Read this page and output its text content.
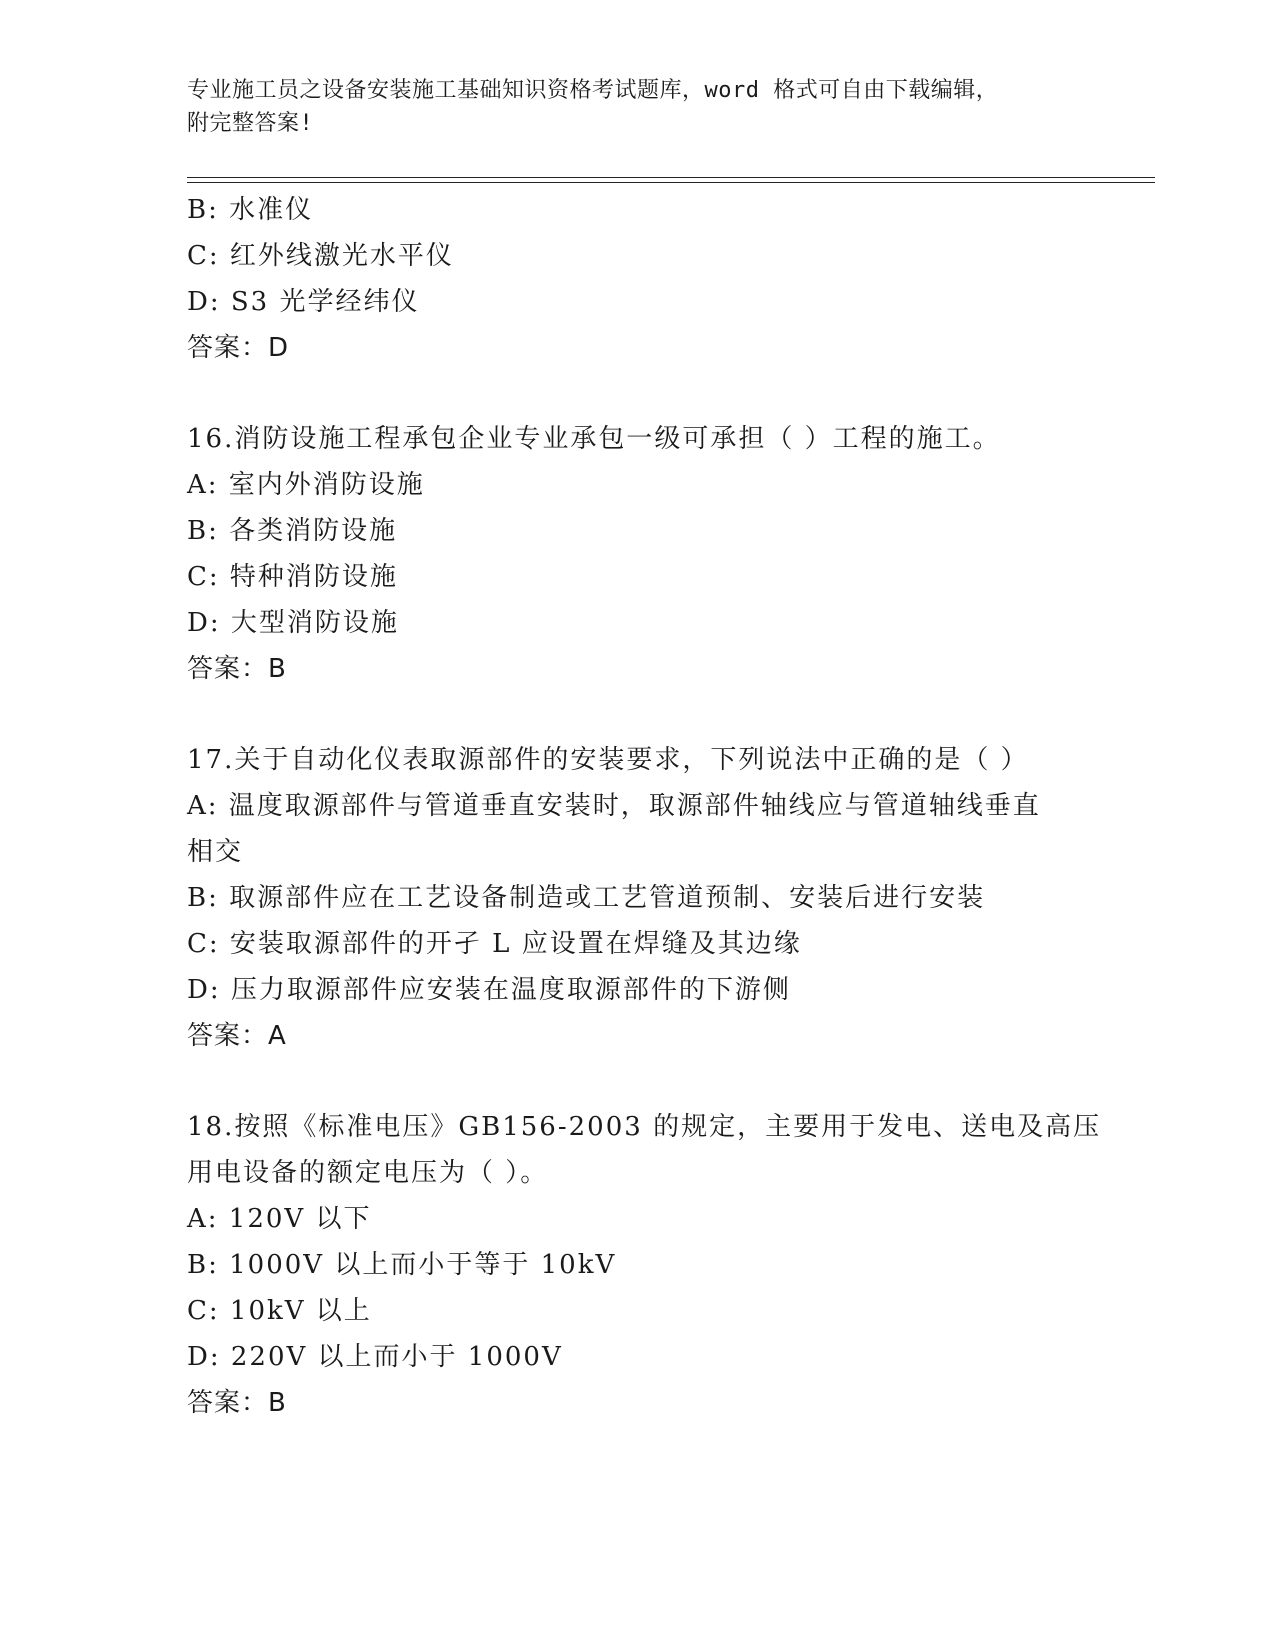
专业施工员之设备安装施工基础知识资格考试题库，word 格式可自由下载编辑，
附完整答案!
B: 水准仪
C: 红外线激光水平仪
D: S3 光学经纬仪
答案：D
16.消防设施工程承包企业专业承包一级可承担（ ）工程的施工。
A: 室内外消防设施
B: 各类消防设施
C: 特种消防设施
D: 大型消防设施
答案：B
17.关于自动化仪表取源部件的安装要求，下列说法中正确的是（ ）
A: 温度取源部件与管道垂直安装时，取源部件轴线应与管道轴线垂直
相交
B: 取源部件应在工艺设备制造或工艺管道预制、安装后进行安装
C: 安装取源部件的开孑 L 应设置在焊缝及其边缘
D: 压力取源部件应安装在温度取源部件的下游侧
答案：A
18.按照《标准电压》GB156-2003 的规定，主要用于发电、送电及高压
用电设备的额定电压为（ ）。
A: 120V 以下
B: 1000V 以上而小于等于 10kV
C: 10kV 以上
D: 220V 以上而小于 1000V
答案：B
